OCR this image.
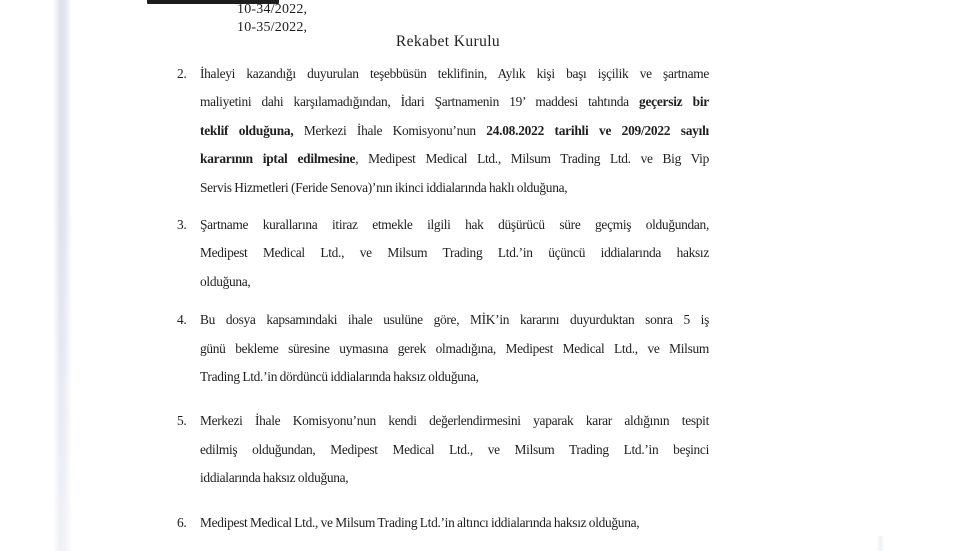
10-34/2022,
10-35/2022,
Rekabet Kurulu
2.	İhaleyi kazandığı duyurulan teşebbüsün teklifinin, Aylık kişi başı işçilik ve şartname
maliyetini dahi karşılamadığından, İdari Şartnamenin 19’ maddesi tahtında geçersiz bir
teklif olduğuna, Merkezi İhale Komisyonu’nun 24.08.2022 tarihli ve 209/2022 sayılı
kararının iptal edilmesine, Medipest Medical Ltd., Milsum Trading Ltd. ve Big Vip
Servis Hizmetleri (Feride Senova)’nın ikinci iddialarında haklı olduğuna,
3.	Şartname kurallarına itiraz etmekle ilgili hak düşürücü süre geçmiş olduğundan,
Medipest Medical Ltd., ve Milsum Trading Ltd.’in üçüncü iddialarında haksız
olduğuna,
4.	Bu dosya kapsamındaki ihale usulüne göre, MİK’in kararını duyurduktan sonra 5 iş
günü bekleme süresine uymasına gerek olmadığına, Medipest Medical Ltd., ve Milsum
Trading Ltd.’in dördüncü iddialarında haksız olduğuna,
5.	Merkezi İhale Komisyonu’nun kendi değerlendirmesini yaparak karar aldığının tespit
edilmiş olduğundan, Medipest Medical Ltd., ve Milsum Trading Ltd.’in beşinci
iddialarında haksız olduğuna,
6.	Medipest Medical Ltd., ve Milsum Trading Ltd.’in altıncı iddialarında haksız olduğuna,
